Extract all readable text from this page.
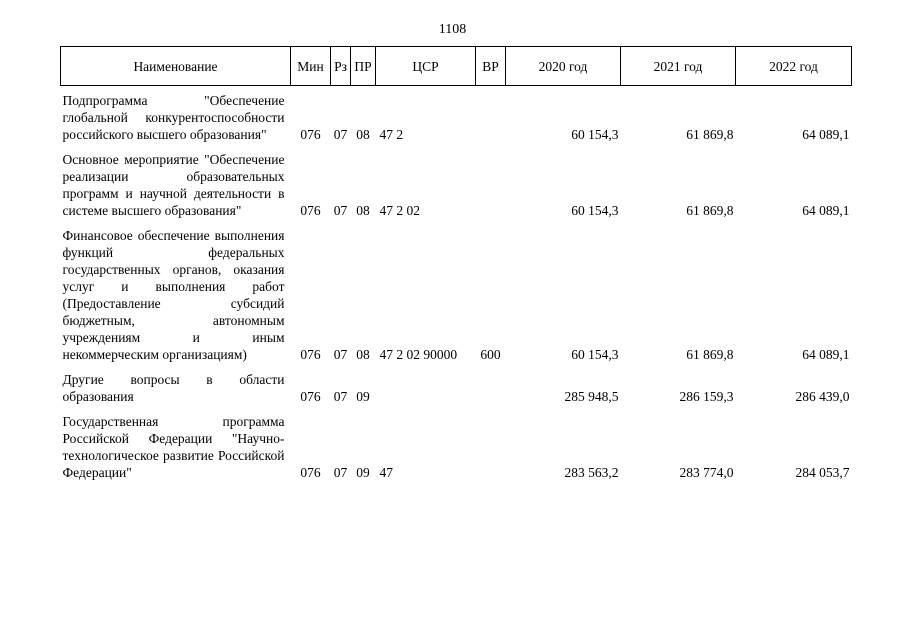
1108
Наименование	Мин	Рз	ПР	ЦСР	ВР	2020 год	2021 год	2022 год
Подпрограмма "Обеспечение глобальной конкурентоспособности российского высшего образования"	076	07	08	47 2		60 154,3	61 869,8	64 089,1
Основное мероприятие "Обеспечение реализации образовательных программ и научной деятельности в системе высшего образования"	076	07	08	47 2 02		60 154,3	61 869,8	64 089,1
Финансовое обеспечение выполнения функций федеральных государственных органов, оказания услуг и выполнения работ (Предоставление субсидий бюджетным, автономным учреждениям и иным некоммерческим организациям)	076	07	08	47 2 02 90000	600	60 154,3	61 869,8	64 089,1
Другие вопросы в области образования	076	07	09			285 948,5	286 159,3	286 439,0
Государственная программа Российской Федерации "Научно-технологическое развитие Российской Федерации"	076	07	09	47		283 563,2	283 774,0	284 053,7
